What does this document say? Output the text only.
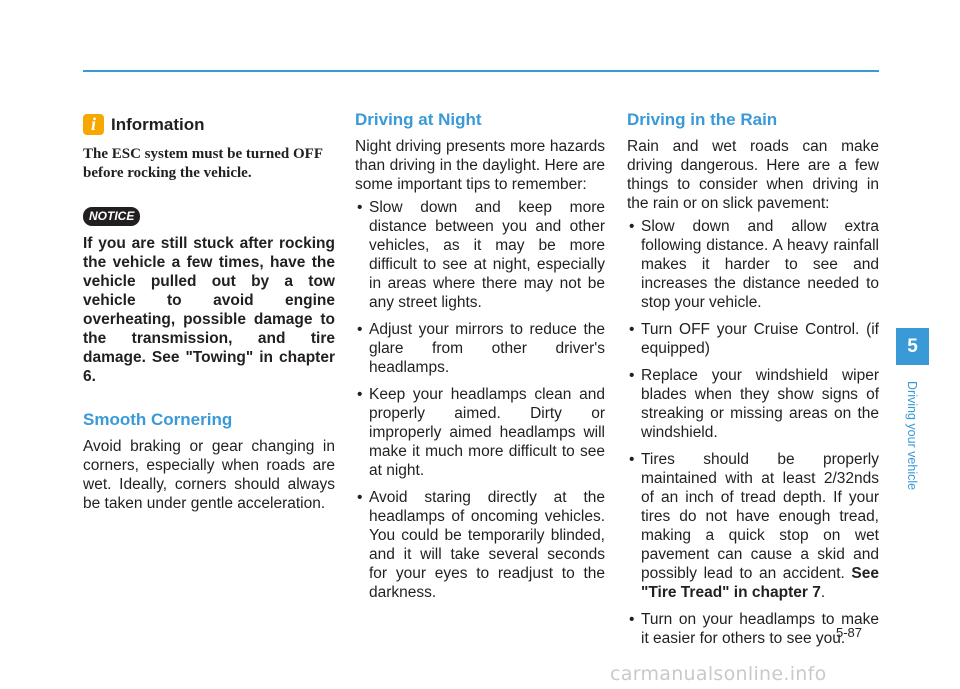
i Information
The ESC system must be turned OFF before rocking the vehicle.
NOTICE
If you are still stuck after rocking the vehicle a few times, have the vehicle pulled out by a tow vehicle to avoid engine overheating, possible damage to the transmission, and tire damage. See "Towing" in chapter 6.
Smooth Cornering

Avoid braking or gear changing in corners, especially when roads are wet. Ideally, corners should always be taken under gentle acceleration.

Driving at Night

Night driving presents more hazards than driving in the daylight. Here are some important tips to remember:

• Slow down and keep more distance between you and other vehicles, as it may be more difficult to see at night, especially in areas where there may not be any street lights.
• Adjust your mirrors to reduce the glare from other driver's headlamps.
• Keep your headlamps clean and properly aimed. Dirty or improperly aimed headlamps will make it much more difficult to see at night.
• Avoid staring directly at the headlamps of oncoming vehicles. You could be temporarily blinded, and it will take several seconds for your eyes to readjust to the darkness.
Driving in the Rain

Rain and wet roads can make driving dangerous. Here are a few things to consider when driving in the rain or on slick pavement:

• Slow down and allow extra following distance. A heavy rainfall makes it harder to see and increases the distance needed to stop your vehicle.
• Turn OFF your Cruise Control. (if equipped)
• Replace your windshield wiper blades when they show signs of streaking or missing areas on the windshield.
• Tires should be properly maintained with at least 2/32nds of an inch of tread depth. If your tires do not have enough tread, making a quick stop on wet pavement can cause a skid and possibly lead to an accident. See "Tire Tread" in chapter 7.
• Turn on your headlamps to make it easier for others to see you.
5
Driving your vehicle
5-87
carmanualsonline.info
